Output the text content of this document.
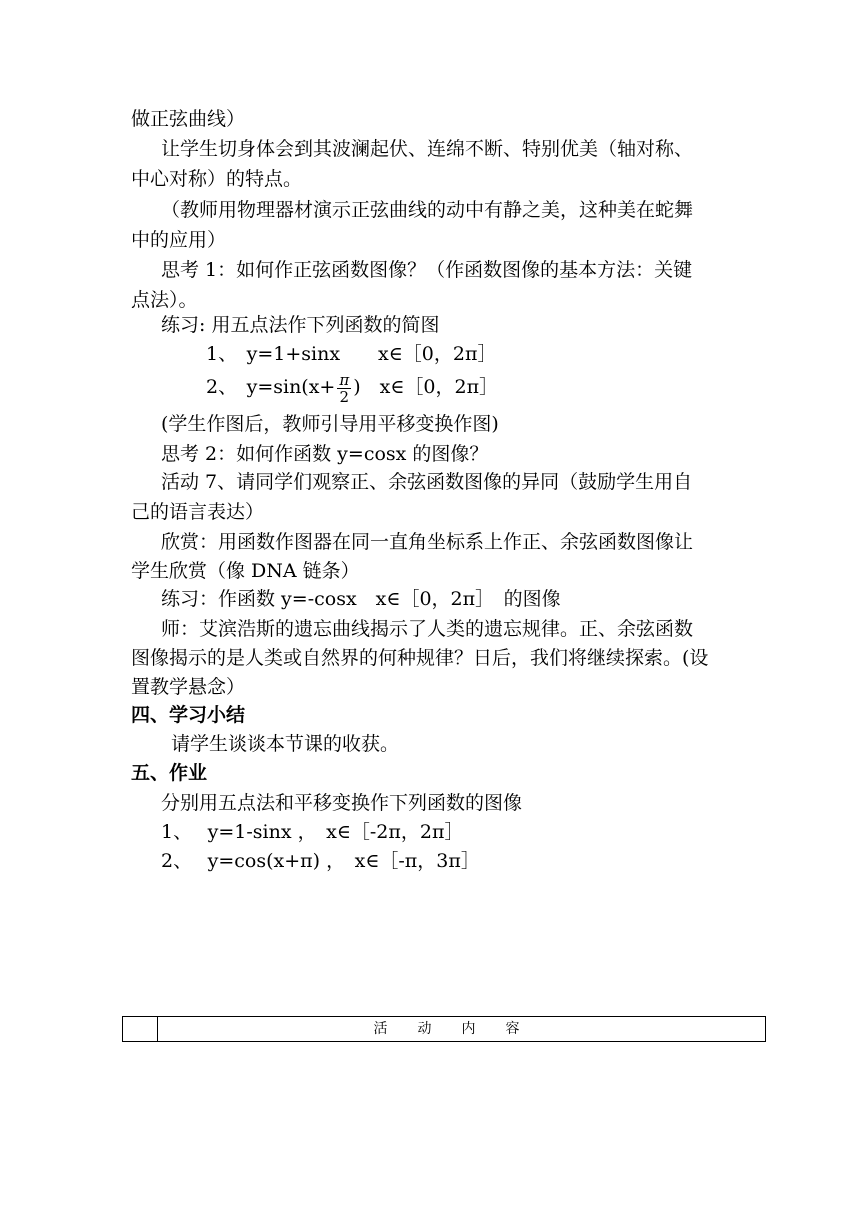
做正弦曲线）
让学生切身体会到其波澜起伏、连绵不断、特别优美（轴对称、
中心对称）的特点。
（教师用物理器材演示正弦曲线的动中有静之美，这种美在蛇舞
中的应用）
思考 1：如何作正弦函数图像？（作函数图像的基本方法：关键
点法）。
练习: 用五点法作下列函数的简图
1、　y=1+sinx　　x∈［0，2π］
2、　$y=\sin(x+ \frac{\pi}{2}$ )　x∈［0，2π］
(学生作图后，教师引导用平移变换作图)
思考 2：如何作函数 y=cosx 的图像？
活动 7、请同学们观察正、余弦函数图像的异同（鼓励学生用自
己的语言表达）
欣赏：用函数作图器在同一直角坐标系上作正、余弦函数图像让
学生欣赏（像 DNA 链条）
练习：作函数 y=-cosx　x∈［0，2π］　的图像
师：艾滨浩斯的遗忘曲线揭示了人类的遗忘规律。正、余弦函数
图像揭示的是人类或自然界的何种规律？日后，我们将继续探索。(设
置教学悬念）
四、学习小结
请学生谈谈本节课的收获。
五、作业
分别用五点法和平移变换作下列函数的图像
1、　 y=1-sinx ，　x∈［-2π，2π］
2、　 y=cos(x+π) ，　x∈［-π，3π］
活动内容
